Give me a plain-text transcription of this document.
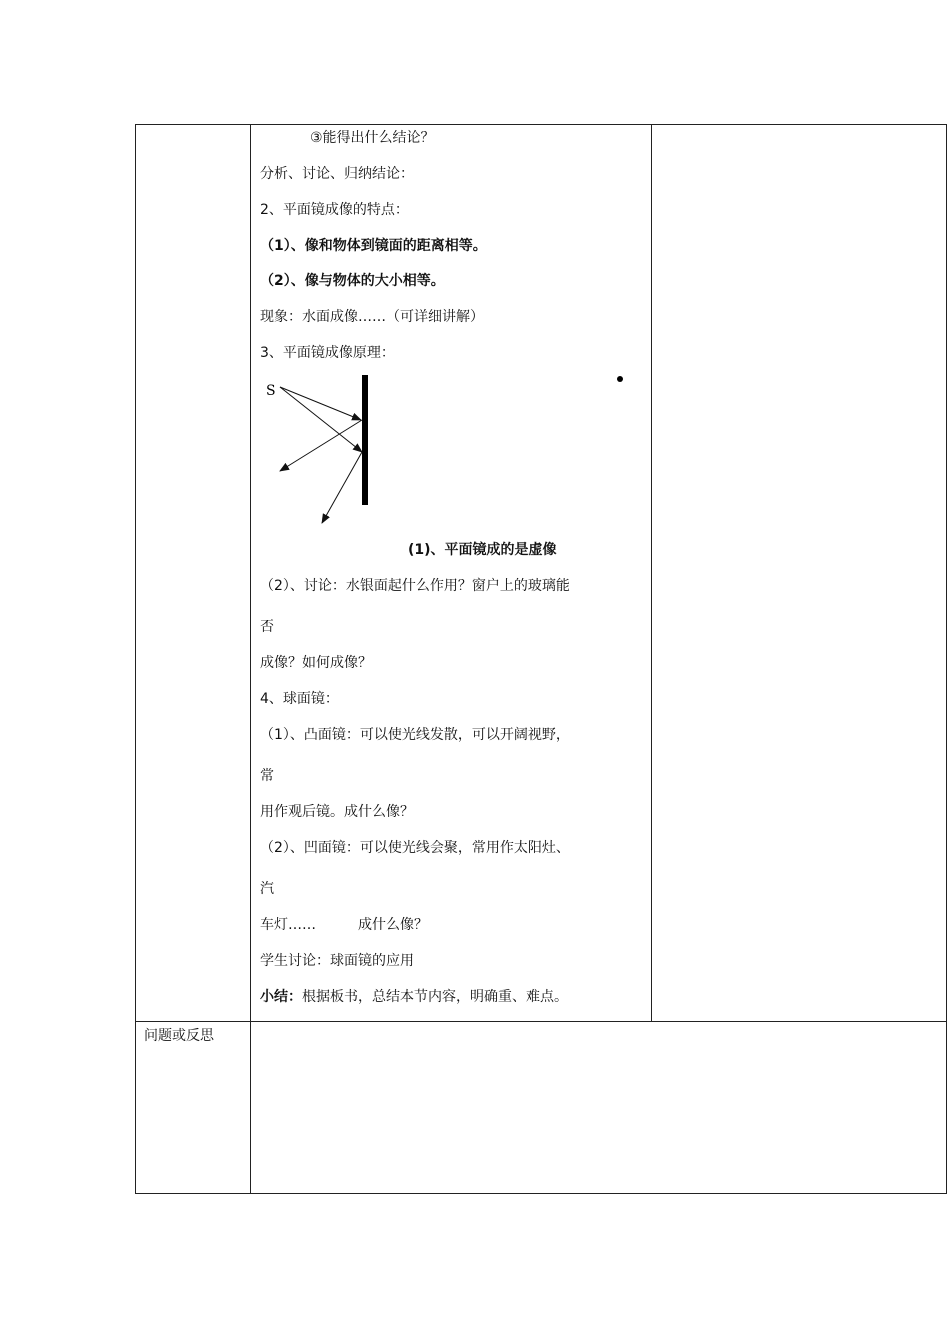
③能得出什么结论？
分析、讨论、归纳结论：
2、平面镜成像的特点：
（1）、像和物体到镜面的距离相等。
（2）、像与物体的大小相等。
现象：水面成像……（可详细讲解）
3、平面镜成像原理：
S
(1)、平面镜成的是虚像
（2）、讨论：水银面起什么作用？窗户上的玻璃能
否
成像？如何成像？
4、球面镜：
（1）、凸面镜：可以使光线发散，可以开阔视野，
常
用作观后镜。成什么像？
（2）、凹面镜：可以使光线会聚，常用作太阳灶、
汽
车灯……　　　成什么像？
学生讨论：球面镜的应用
小结：根据板书，总结本节内容，明确重、难点。
问题或反思
